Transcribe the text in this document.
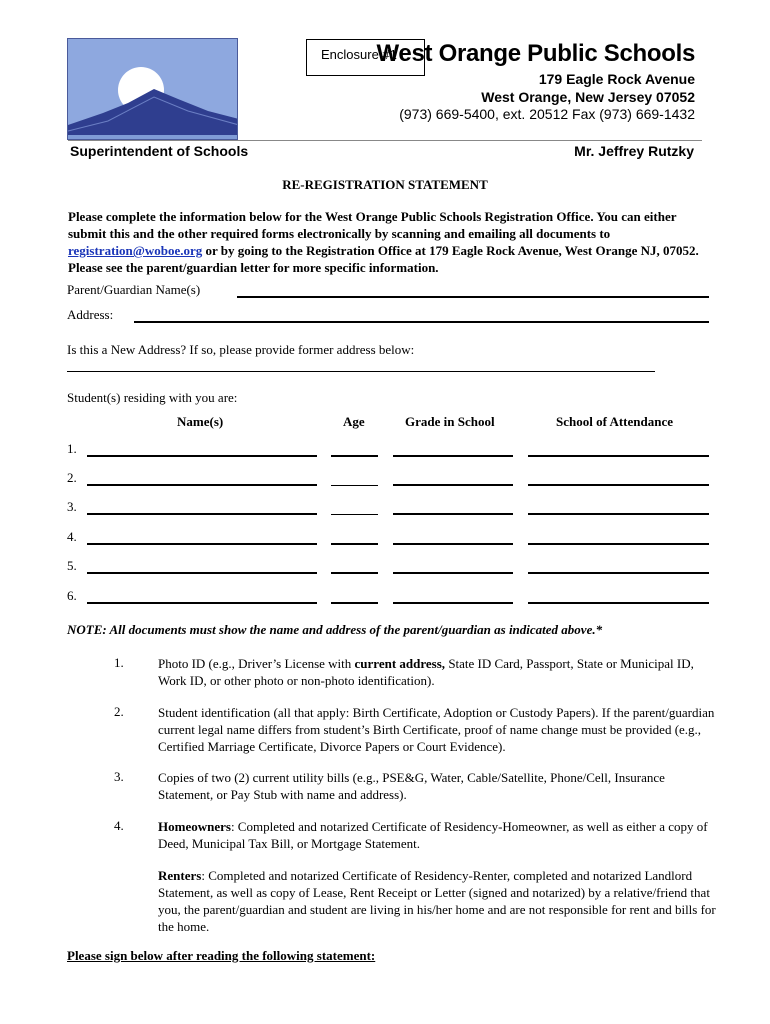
Enclosure #1
West Orange Public Schools
179 Eagle Rock Avenue
West Orange, New Jersey 07052
(973) 669-5400, ext. 20512 Fax (973) 669-1432
Superintendent of Schools	Mr. Jeffrey Rutzky
RE-REGISTRATION STATEMENT
Please complete the information below for the West Orange Public Schools Registration Office. You can either submit this and the other required forms electronically by scanning and emailing all documents to registration@woboe.org or by going to the Registration Office at 179 Eagle Rock Avenue, West Orange NJ, 07052. Please see the parent/guardian letter for more specific information.
Parent/Guardian Name(s)
Address:
Is this a New Address? If so, please provide former address below:
Student(s) residing with you are:
Name(s)	Age	Grade in School	School of Attendance
1.
2.
3.
4.
5.
6.
NOTE: All documents must show the name and address of the parent/guardian as indicated above.*
1.	Photo ID (e.g., Driver’s License with current address, State ID Card, Passport, State or Municipal ID, Work ID, or other photo or non-photo identification).
2.	Student identification (all that apply: Birth Certificate, Adoption or Custody Papers). If the parent/guardian current legal name differs from student’s Birth Certificate, proof of name change must be provided (e.g., Certified Marriage Certificate, Divorce Papers or Court Evidence).
3.	Copies of two (2) current utility bills (e.g., PSE&G, Water, Cable/Satellite, Phone/Cell, Insurance Statement, or Pay Stub with name and address).
4.	Homeowners: Completed and notarized Certificate of Residency-Homeowner, as well as either a copy of Deed, Municipal Tax Bill, or Mortgage Statement.
Renters: Completed and notarized Certificate of Residency-Renter, completed and notarized Landlord Statement, as well as copy of Lease, Rent Receipt or Letter (signed and notarized) by a relative/friend that you, the parent/guardian and student are living in his/her home and are not responsible for rent and bills for the home.
Please sign below after reading the following statement:
